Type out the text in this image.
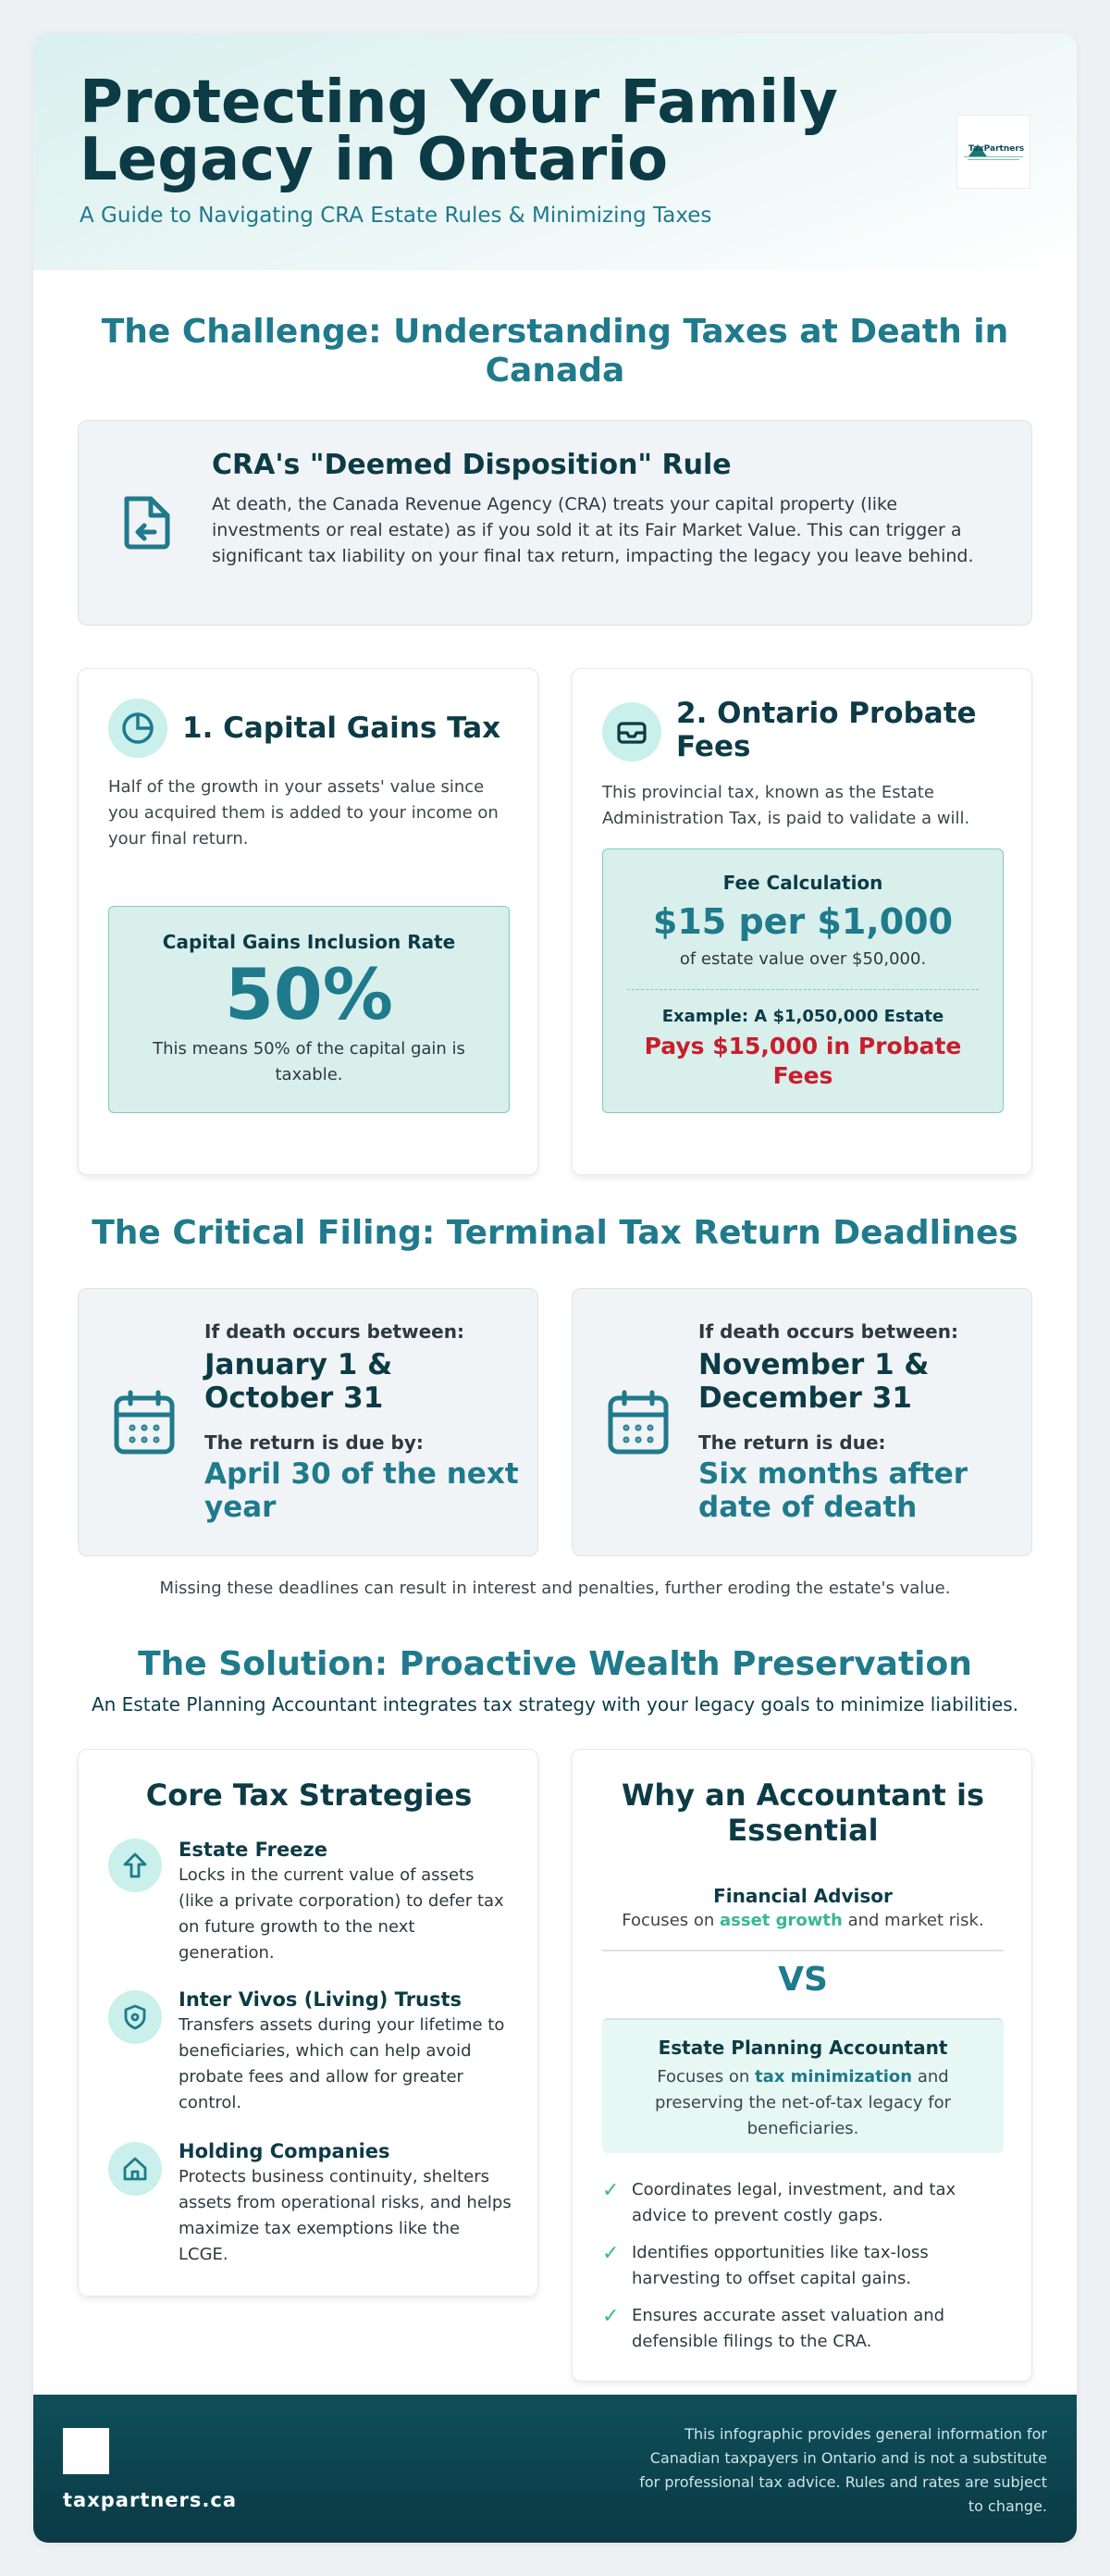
Protecting Your Family Legacy in Ontario
A Guide to Navigating CRA Estate Rules & Minimizing Taxes
TaxPartners
The Challenge: Understanding Taxes at Death in Canada
CRA's "Deemed Disposition" Rule
At death, the Canada Revenue Agency (CRA) treats your capital property (like investments or real estate) as if you sold it at its Fair Market Value. This can trigger a significant tax liability on your final tax return, impacting the legacy you leave behind.
1. Capital Gains Tax
Half of the growth in your assets' value since you acquired them is added to your income on your final return.
Capital Gains Inclusion Rate
50%
This means 50% of the capital gain is taxable.
2. Ontario Probate Fees
This provincial tax, known as the Estate Administration Tax, is paid to validate a will.
Fee Calculation
$15 per $1,000
of estate value over $50,000.
Example: A $1,050,000 Estate
Pays $15,000 in Probate Fees
The Critical Filing: Terminal Tax Return Deadlines
If death occurs between:
January 1 & October 31
The return is due by:
April 30 of the next year
If death occurs between:
November 1 & December 31
The return is due:
Six months after date of death
Missing these deadlines can result in interest and penalties, further eroding the estate's value.
The Solution: Proactive Wealth Preservation
An Estate Planning Accountant integrates tax strategy with your legacy goals to minimize liabilities.
Core Tax Strategies
Estate Freeze
Locks in the current value of assets (like a private corporation) to defer tax on future growth to the next generation.
Inter Vivos (Living) Trusts
Transfers assets during your lifetime to beneficiaries, which can help avoid probate fees and allow for greater control.
Holding Companies
Protects business continuity, shelters assets from operational risks, and helps maximize tax exemptions like the LCGE.
Why an Accountant is Essential
Financial Advisor
Focuses on asset growth and market risk.
VS
Estate Planning Accountant
Focuses on tax minimization and preserving the net-of-tax legacy for beneficiaries.
✓ Coordinates legal, investment, and tax advice to prevent costly gaps.
✓ Identifies opportunities like tax-loss harvesting to offset capital gains.
✓ Ensures accurate asset valuation and defensible filings to the CRA.
taxpartners.ca
This infographic provides general information for Canadian taxpayers in Ontario and is not a substitute for professional tax advice. Rules and rates are subject to change.
